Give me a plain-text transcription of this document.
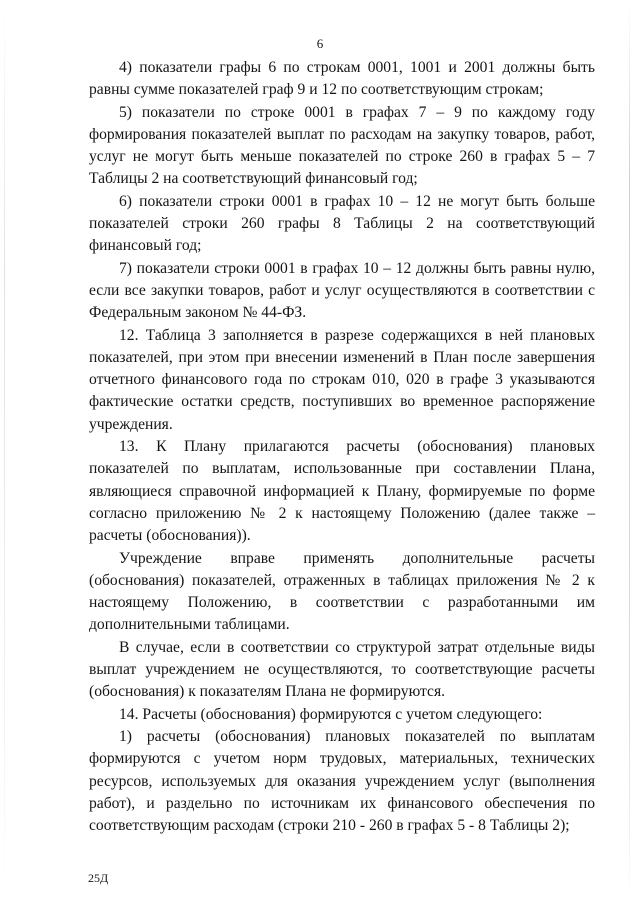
6

4) показатели графы 6 по строкам 0001, 1001 и 2001 должны быть равны сумме показателей граф 9 и 12 по соответствующим строкам;

5) показатели по строке 0001 в графах 7 – 9 по каждому году формирования показателей выплат по расходам на закупку товаров, работ, услуг не могут быть меньше показателей по строке 260 в графах 5 – 7 Таблицы 2 на соответствующий финансовый год;

6) показатели строки 0001 в графах 10 – 12 не могут быть больше показателей строки 260 графы 8 Таблицы 2 на соответствующий финансовый год;

7) показатели строки 0001 в графах 10 – 12 должны быть равны нулю, если все закупки товаров, работ и услуг осуществляются в соответствии с Федеральным законом № 44-ФЗ.

12. Таблица 3 заполняется в разрезе содержащихся в ней плановых показателей, при этом при внесении изменений в План после завершения отчетного финансового года по строкам 010, 020 в графе 3 указываются фактические остатки средств, поступивших во временное распоряжение учреждения.

13. К Плану прилагаются расчеты (обоснования) плановых показателей по выплатам, использованные при составлении Плана, являющиеся справочной информацией к Плану, формируемые по форме согласно приложению № 2 к настоящему Положению (далее также – расчеты (обоснования)).

Учреждение вправе применять дополнительные расчеты (обоснования) показателей, отраженных в таблицах приложения № 2 к настоящему Положению, в соответствии с разработанными им дополнительными таблицами.

В случае, если в соответствии со структурой затрат отдельные виды выплат учреждением не осуществляются, то соответствующие расчеты (обоснования) к показателям Плана не формируются.

14. Расчеты (обоснования) формируются с учетом следующего:

1) расчеты (обоснования) плановых показателей по выплатам формируются с учетом норм трудовых, материальных, технических ресурсов, используемых для оказания учреждением услуг (выполнения работ), и раздельно по источникам их финансового обеспечения по соответствующим расходам (строки 210 - 260 в графах 5 - 8 Таблицы 2);

25Д
